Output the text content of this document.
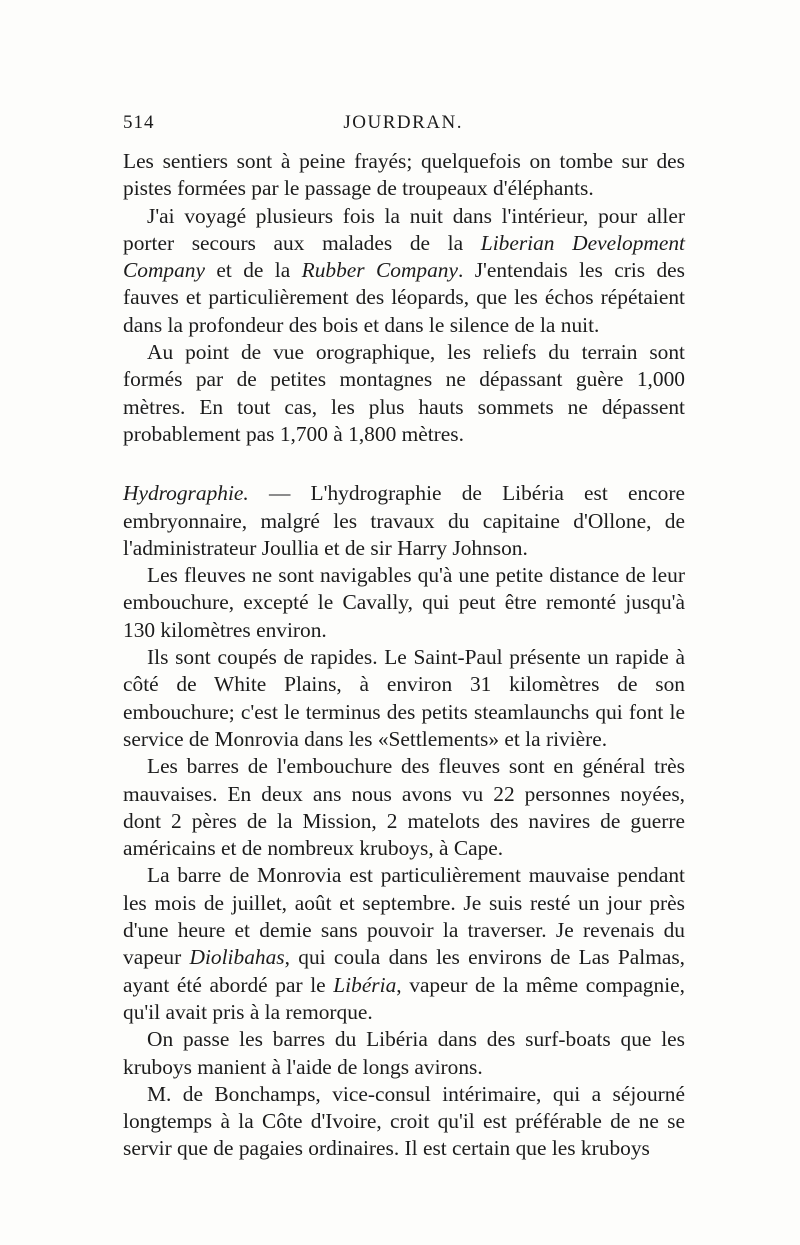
514	JOURDRAN.

Les sentiers sont à peine frayés; quelquefois on tombe sur des pistes formées par le passage de troupeaux d'éléphants.

J'ai voyagé plusieurs fois la nuit dans l'intérieur, pour aller porter secours aux malades de la Liberian Development Company et de la Rubber Company. J'entendais les cris des fauves et particulièrement des léopards, que les échos répétaient dans la profondeur des bois et dans le silence de la nuit.

Au point de vue orographique, les reliefs du terrain sont formés par de petites montagnes ne dépassant guère 1,000 mètres. En tout cas, les plus hauts sommets ne dépassent probablement pas 1,700 à 1,800 mètres.

Hydrographie. — L'hydrographie de Libéria est encore embryonnaire, malgré les travaux du capitaine d'Ollone, de l'administrateur Joullia et de sir Harry Johnson.

Les fleuves ne sont navigables qu'à une petite distance de leur embouchure, excepté le Cavally, qui peut être remonté jusqu'à 130 kilomètres environ.

Ils sont coupés de rapides. Le Saint-Paul présente un rapide à côté de White Plains, à environ 31 kilomètres de son embouchure; c'est le terminus des petits steamlaunchs qui font le service de Monrovia dans les «Settlements» et la rivière.

Les barres de l'embouchure des fleuves sont en général très mauvaises. En deux ans nous avons vu 22 personnes noyées, dont 2 pères de la Mission, 2 matelots des navires de guerre américains et de nombreux kruboys, à Cape.

La barre de Monrovia est particulièrement mauvaise pendant les mois de juillet, août et septembre. Je suis resté un jour près d'une heure et demie sans pouvoir la traverser. Je revenais du vapeur Diolibahas, qui coula dans les environs de Las Palmas, ayant été abordé par le Libéria, vapeur de la même compagnie, qu'il avait pris à la remorque.

On passe les barres du Libéria dans des surf-boats que les kruboys manient à l'aide de longs avirons.

M. de Bonchamps, vice-consul intérimaire, qui a séjourné longtemps à la Côte d'Ivoire, croit qu'il est préférable de ne se servir que de pagaies ordinaires. Il est certain que les kruboys
